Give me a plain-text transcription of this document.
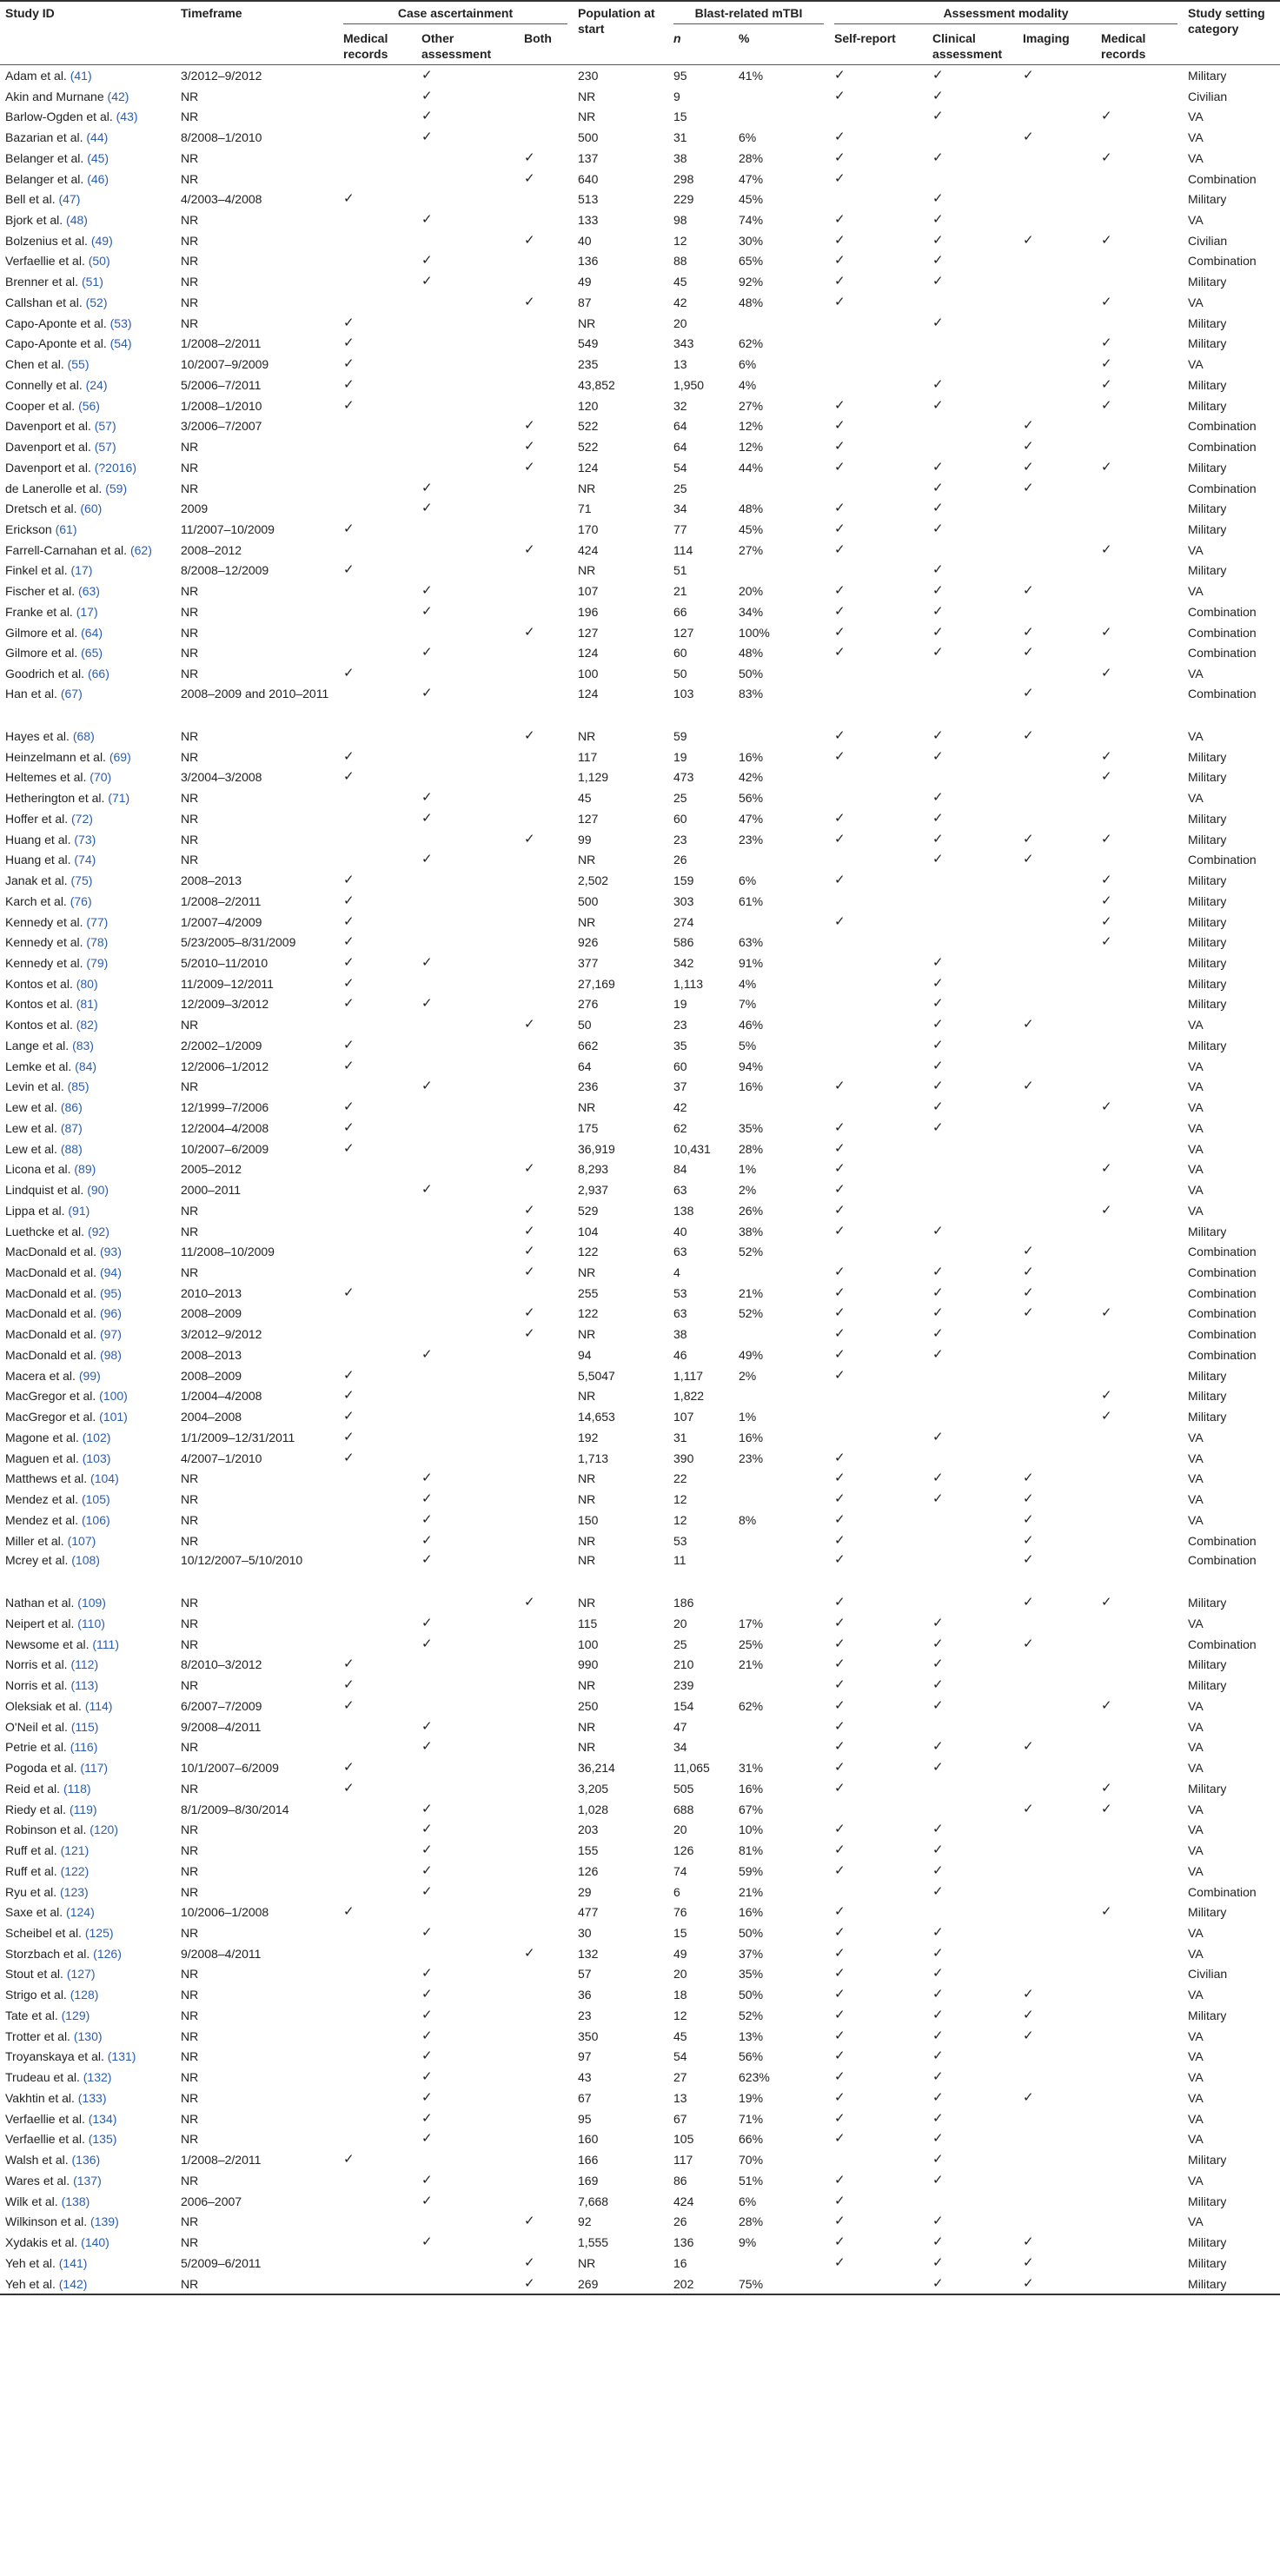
Study ID	Timeframe	Case ascertainment			Population at start	Blast-related mTBI		Assessment modality				Study setting category
		Medical records	Other assessment	Both		n	%	Self-report	Clinical assessment	Imaging	Medical records	
Adam et al. (41)	3/2012–9/2012		✓		230	95	41%	✓	✓	✓		Military
Akin and Murnane (42)	NR		✓		NR	9		✓	✓			Civilian
Barlow-Ogden et al. (43)	NR		✓		NR	15			✓		✓	VA
Bazarian et al. (44)	8/2008–1/2010		✓		500	31	6%	✓		✓		VA
Belanger et al. (45)	NR			✓	137	38	28%	✓	✓		✓	VA
Belanger et al. (46)	NR			✓	640	298	47%	✓				Combination
Bell et al. (47)	4/2003–4/2008	✓			513	229	45%		✓			Military
Bjork et al. (48)	NR		✓		133	98	74%	✓	✓			VA
Bolzenius et al. (49)	NR			✓	40	12	30%	✓	✓	✓	✓	Civilian
Verfaellie et al. (50)	NR		✓		136	88	65%	✓	✓			Combination
Brenner et al. (51)	NR		✓		49	45	92%	✓	✓			Military
Callshan et al. (52)	NR			✓	87	42	48%	✓			✓	VA
Capo-Aponte et al. (53)	NR	✓			NR	20			✓			Military
Capo-Aponte et al. (54)	1/2008–2/2011	✓			549	343	62%				✓	Military
Chen et al. (55)	10/2007–9/2009	✓			235	13	6%				✓	VA
Connelly et al. (24)	5/2006–7/2011	✓			43,852	1,950	4%		✓		✓	Military
Cooper et al. (56)	1/2008–1/2010	✓			120	32	27%	✓	✓		✓	Military
Davenport et al. (57)	3/2006–7/2007			✓	522	64	12%	✓		✓		Combination
Davenport et al. (57)	NR			✓	522	64	12%	✓		✓		Combination
Davenport et al. (?2016)	NR			✓	124	54	44%	✓	✓	✓	✓	Military
de Lanerolle et al. (59)	NR		✓		NR	25			✓	✓		Combination
Dretsch et al. (60)	2009		✓		71	34	48%	✓	✓			Military
Erickson (61)	11/2007–10/2009	✓			170	77	45%	✓	✓			Military
Farrell-Carnahan et al. (62)	2008–2012			✓	424	114	27%	✓			✓	VA
Finkel et al. (17)	8/2008–12/2009	✓			NR	51			✓			Military
Fischer et al. (63)	NR		✓		107	21	20%	✓	✓	✓		VA
Franke et al. (17)	NR		✓		196	66	34%	✓	✓			Combination
Gilmore et al. (64)	NR			✓	127	127	100%	✓	✓	✓	✓	Combination
Gilmore et al. (65)	NR		✓		124	60	48%	✓	✓	✓		Combination
Goodrich et al. (66)	NR	✓			100	50	50%				✓	VA
Han et al. (67)	2008–2009 and 2010–2011		✓		124	103	83%			✓		Combination
Hayes et al. (68)	NR			✓	NR	59		✓	✓	✓		VA
Heinzelmann et al. (69)	NR	✓			117	19	16%	✓	✓		✓	Military
Heltemes et al. (70)	3/2004–3/2008	✓			1,129	473	42%				✓	Military
Hetherington et al. (71)	NR		✓		45	25	56%		✓			VA
Hoffer et al. (72)	NR		✓		127	60	47%	✓	✓			Military
Huang et al. (73)	NR			✓	99	23	23%	✓	✓	✓	✓	Military
Huang et al. (74)	NR		✓		NR	26			✓	✓		Combination
Janak et al. (75)	2008–2013	✓			2,502	159	6%	✓			✓	Military
Karch et al. (76)	1/2008–2/2011	✓			500	303	61%				✓	Military
Kennedy et al. (77)	1/2007–4/2009	✓			NR	274		✓			✓	Military
Kennedy et al. (78)	5/23/2005–8/31/2009	✓			926	586	63%				✓	Military
Kennedy et al. (79)	5/2010–11/2010	✓	✓		377	342	91%		✓			Military
Kontos et al. (80)	11/2009–12/2011	✓			27,169	1,113	4%		✓			Military
Kontos et al. (81)	12/2009–3/2012	✓	✓		276	19	7%		✓			Military
Kontos et al. (82)	NR			✓	50	23	46%		✓	✓		VA
Lange et al. (83)	2/2002–1/2009	✓			662	35	5%		✓			Military
Lemke et al. (84)	12/2006–1/2012	✓			64	60	94%		✓			VA
Levin et al. (85)	NR		✓		236	37	16%	✓	✓	✓		VA
Lew et al. (86)	12/1999–7/2006	✓			NR	42			✓		✓	VA
Lew et al. (87)	12/2004–4/2008	✓			175	62	35%	✓	✓			VA
Lew et al. (88)	10/2007–6/2009	✓			36,919	10,431	28%	✓				VA
Licona et al. (89)	2005–2012			✓	8,293	84	1%	✓			✓	VA
Lindquist et al. (90)	2000–2011		✓		2,937	63	2%	✓				VA
Lippa et al. (91)	NR			✓	529	138	26%	✓			✓	VA
Luethcke et al. (92)	NR			✓	104	40	38%	✓	✓			Military
MacDonald et al. (93)	11/2008–10/2009			✓	122	63	52%			✓		Combination
MacDonald et al. (94)	NR			✓	NR	4		✓	✓	✓		Combination
MacDonald et al. (95)	2010–2013	✓			255	53	21%	✓	✓	✓		Combination
MacDonald et al. (96)	2008–2009			✓	122	63	52%	✓	✓	✓	✓	Combination
MacDonald et al. (97)	3/2012–9/2012			✓	NR	38		✓	✓			Combination
MacDonald et al. (98)	2008–2013		✓		94	46	49%	✓	✓			Combination
Macera et al. (99)	2008–2009	✓			5,5047	1,117	2%	✓				Military
MacGregor et al. (100)	1/2004–4/2008	✓			NR	1,822					✓	Military
MacGregor et al. (101)	2004–2008	✓			14,653	107	1%				✓	Military
Magone et al. (102)	1/1/2009–12/31/2011	✓			192	31	16%		✓			VA
Maguen et al. (103)	4/2007–1/2010	✓			1,713	390	23%	✓				VA
Matthews et al. (104)	NR		✓		NR	22		✓	✓	✓		VA
Mendez et al. (105)	NR		✓		NR	12		✓	✓	✓		VA
Mendez et al. (106)	NR		✓		150	12	8%	✓		✓		VA
Miller et al. (107)	NR		✓		NR	53		✓		✓		Combination
Mcrey et al. (108)	10/12/2007–5/10/2010		✓		NR	11		✓		✓		Combination
Nathan et al. (109)	NR			✓	NR	186		✓		✓	✓	Military
Neipert et al. (110)	NR		✓		115	20	17%	✓	✓			VA
Newsome et al. (111)	NR		✓		100	25	25%	✓	✓	✓		Combination
Norris et al. (112)	8/2010–3/2012	✓			990	210	21%	✓	✓			Military
Norris et al. (113)	NR	✓			NR	239		✓	✓			Military
Oleksiak et al. (114)	6/2007–7/2009	✓			250	154	62%	✓	✓		✓	VA
O'Neil et al. (115)	9/2008–4/2011		✓		NR	47		✓				VA
Petrie et al. (116)	NR		✓		NR	34		✓	✓	✓		VA
Pogoda et al. (117)	10/1/2007–6/2009	✓			36,214	11,065	31%	✓	✓			VA
Reid et al. (118)	NR	✓			3,205	505	16%	✓			✓	Military
Riedy et al. (119)	8/1/2009–8/30/2014		✓		1,028	688	67%			✓	✓	VA
Robinson et al. (120)	NR		✓		203	20	10%	✓	✓			VA
Ruff et al. (121)	NR		✓		155	126	81%	✓	✓			VA
Ruff et al. (122)	NR		✓		126	74	59%	✓	✓			VA
Ryu et al. (123)	NR		✓		29	6	21%		✓			Combination
Saxe et al. (124)	10/2006–1/2008	✓			477	76	16%	✓			✓	Military
Scheibel et al. (125)	NR		✓		30	15	50%	✓	✓			VA
Storzbach et al. (126)	9/2008–4/2011			✓	132	49	37%	✓	✓			VA
Stout et al. (127)	NR		✓		57	20	35%	✓	✓			Civilian
Strigo et al. (128)	NR		✓		36	18	50%	✓	✓	✓		VA
Tate et al. (129)	NR		✓		23	12	52%	✓	✓	✓		Military
Trotter et al. (130)	NR		✓		350	45	13%	✓	✓	✓		VA
Troyanskaya et al. (131)	NR		✓		97	54	56%	✓	✓			VA
Trudeau et al. (132)	NR		✓		43	27	623%	✓	✓			VA
Vakhtin et al. (133)	NR		✓		67	13	19%	✓	✓	✓		VA
Verfaellie et al. (134)	NR		✓		95	67	71%	✓	✓			VA
Verfaellie et al. (135)	NR		✓		160	105	66%	✓	✓			VA
Walsh et al. (136)	1/2008–2/2011	✓			166	117	70%		✓			Military
Wares et al. (137)	NR		✓		169	86	51%	✓	✓			VA
Wilk et al. (138)	2006–2007		✓		7,668	424	6%	✓				Military
Wilkinson et al. (139)	NR			✓	92	26	28%	✓	✓			VA
Xydakis et al. (140)	NR		✓		1,555	136	9%	✓	✓	✓		Military
Yeh et al. (141)	5/2009–6/2011			✓	NR	16		✓	✓	✓		Military
Yeh et al. (142)	NR			✓	269	202	75%		✓	✓		Military
